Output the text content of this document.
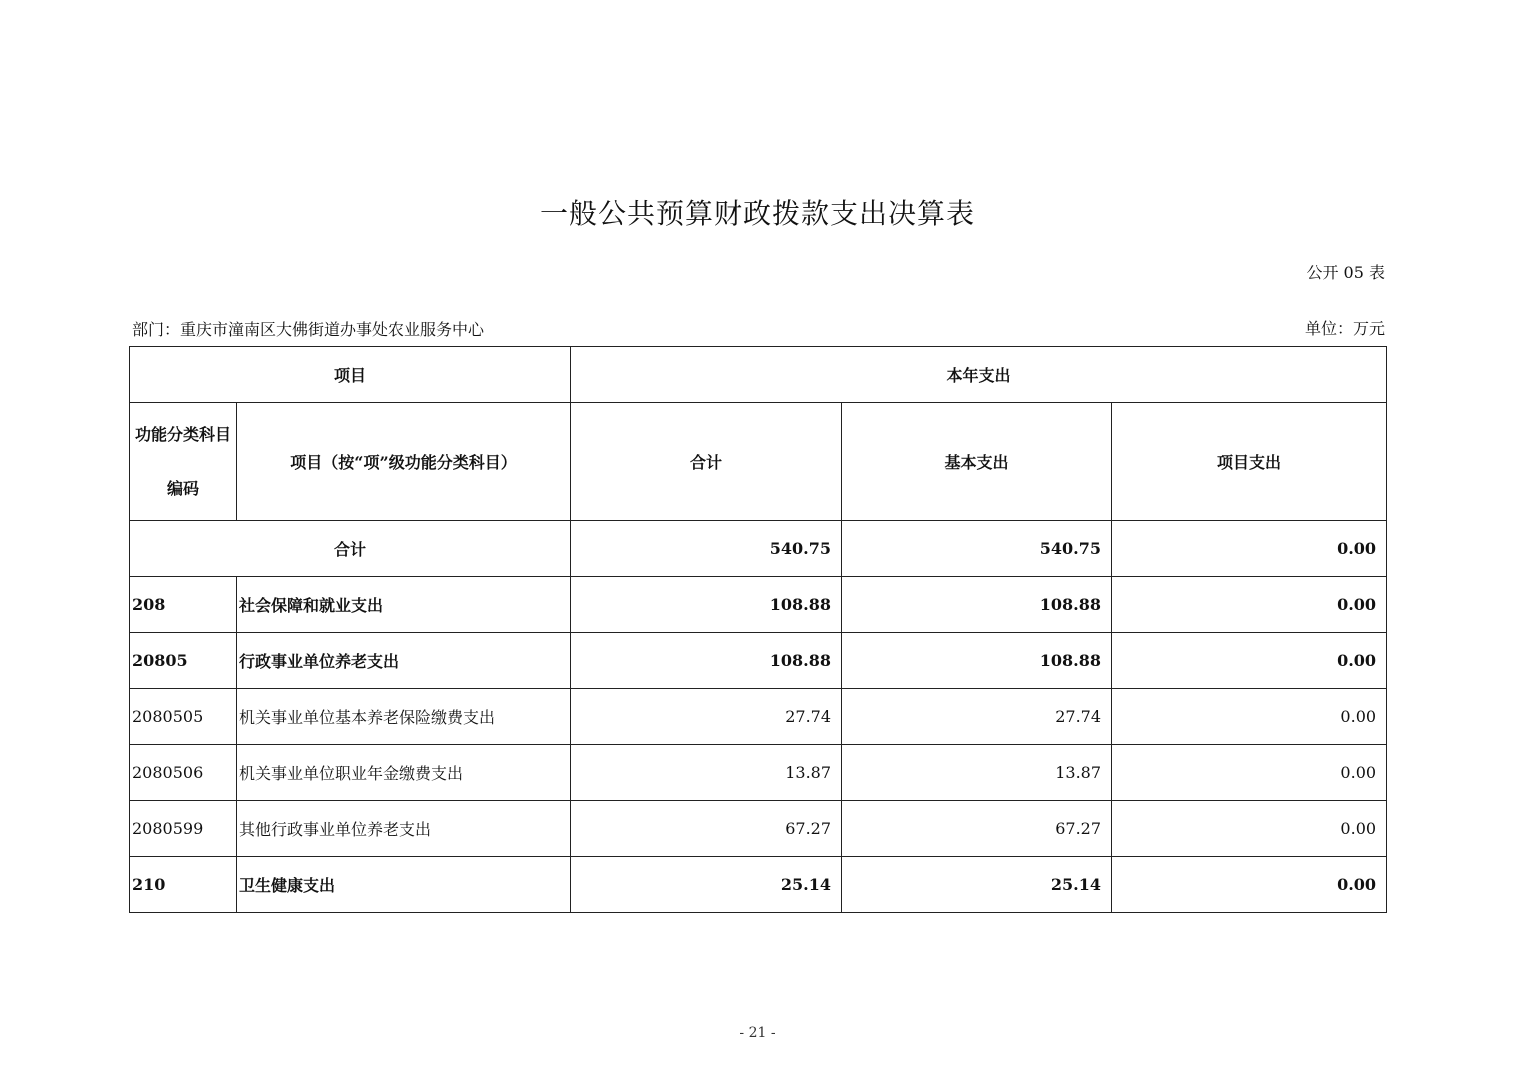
一般公共预算财政拨款支出决算表
公开 05 表
部门：重庆市潼南区大佛街道办事处农业服务中心	单位：万元
项目		本年支出		
功能分类科目编码	项目（按“项”级功能分类科目）	合计	基本支出	项目支出
合计		540.75	540.75	0.00
208	社会保障和就业支出	108.88	108.88	0.00
20805	行政事业单位养老支出	108.88	108.88	0.00
2080505	机关事业单位基本养老保险缴费支出	27.74	27.74	0.00
2080506	机关事业单位职业年金缴费支出	13.87	13.87	0.00
2080599	其他行政事业单位养老支出	67.27	67.27	0.00
210	卫生健康支出	25.14	25.14	0.00
- 21 -
